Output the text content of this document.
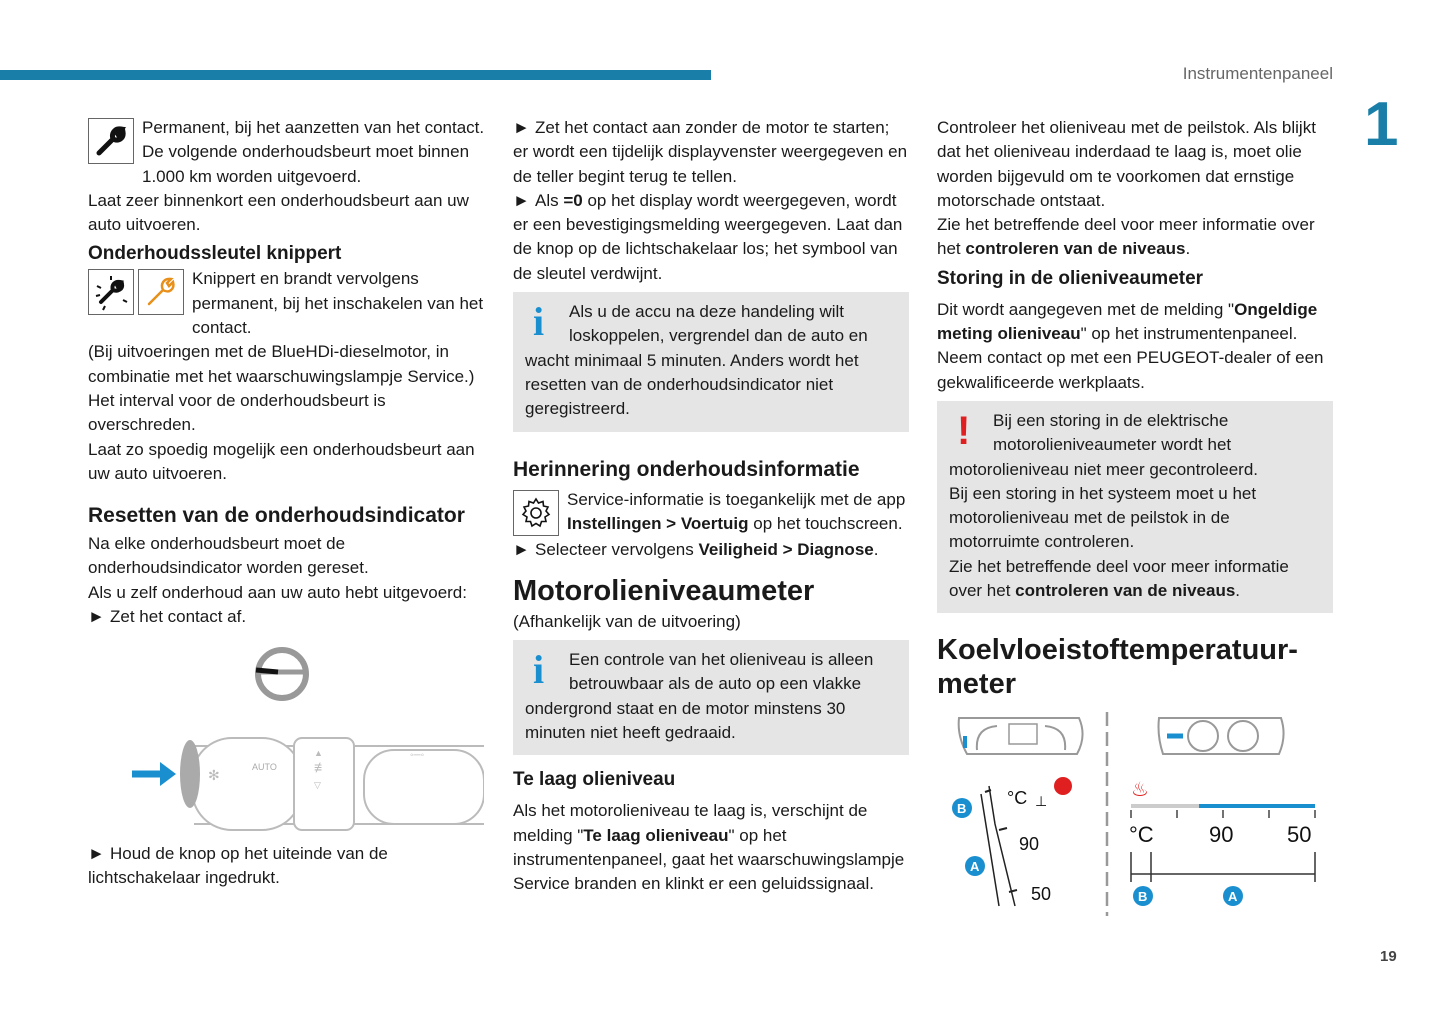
Instrumentenpaneel
1
19

Permanent, bij het aanzetten van het contact. De volgende onderhoudsbeurt moet binnen 1.000 km worden uitgevoerd.

Laat zeer binnenkort een onderhoudsbeurt aan uw auto uitvoeren.

Onderhoudssleutel knippert

Knippert en brandt vervolgens permanent, bij het inschakelen van het contact.

(Bij uitvoeringen met de BlueHDi-dieselmotor, in combinatie met het waarschuwingslampje Service.)

Het interval voor de onderhoudsbeurt is overschreden.

Laat zo spoedig mogelijk een onderhoudsbeurt aan uw auto uitvoeren.

Resetten van de onderhoudsindicator

Na elke onderhoudsbeurt moet de onderhoudsindicator worden gereset.

Als u zelf onderhoud aan uw auto hebt uitgevoerd:

► Zet het contact af.

AUTO
✻	≢
▲
▽
◦─◦

► Houd de knop op het uiteinde van de lichtschakelaar ingedrukt.

► Zet het contact aan zonder de motor te starten; er wordt een tijdelijk displayvenster weergegeven en de teller begint terug te tellen.

► Als =0 op het display wordt weergegeven, wordt er een bevestigingsmelding weergegeven. Laat dan de knop op de lichtschakelaar los; het symbool van de sleutel verdwijnt.

i	Als u de accu na deze handeling wilt loskoppelen, vergrendel dan de auto en wacht minimaal 5 minuten. Anders wordt het resetten van de onderhoudsindicator niet geregistreerd.

Herinnering onderhoudsinformatie

Service-informatie is toegankelijk met de app Instellingen > Voertuig op het touchscreen.

► Selecteer vervolgens Veiligheid > Diagnose.

Motorolieniveaumeter

(Afhankelijk van de uitvoering)

i	Een controle van het olieniveau is alleen betrouwbaar als de auto op een vlakke ondergrond staat en de motor minstens 30 minuten niet heeft gedraaid.

Te laag olieniveau

Als het motorolieniveau te laag is, verschijnt de melding "Te laag olieniveau" op het instrumentenpaneel, gaat het waarschuwingslampje Service branden en klinkt er een geluidssignaal.

Controleer het olieniveau met de peilstok. Als blijkt dat het olieniveau inderdaad te laag is, moet olie worden bijgevuld om te voorkomen dat ernstige motorschade ontstaat.

Zie het betreffende deel voor meer informatie over het controleren van de niveaus.

Storing in de olieniveaumeter

Dit wordt aangegeven met de melding "Ongeldige meting olieniveau" op het instrumentenpaneel.

Neem contact op met een PEUGEOT-dealer of een gekwalificeerde werkplaats.

!	Bij een storing in de elektrische motorolieniveaumeter wordt het motorolieniveau niet meer gecontroleerd.

Bij een storing in het systeem moet u het motorolieniveau met de peilstok in de motorruimte controleren.

Zie het betreffende deel voor meer informatie over het controleren van de niveaus.

Koelvloeistoftemperatuur-meter
°C
90
50
⊥
B
A
♨
°C	90 50
B	A
